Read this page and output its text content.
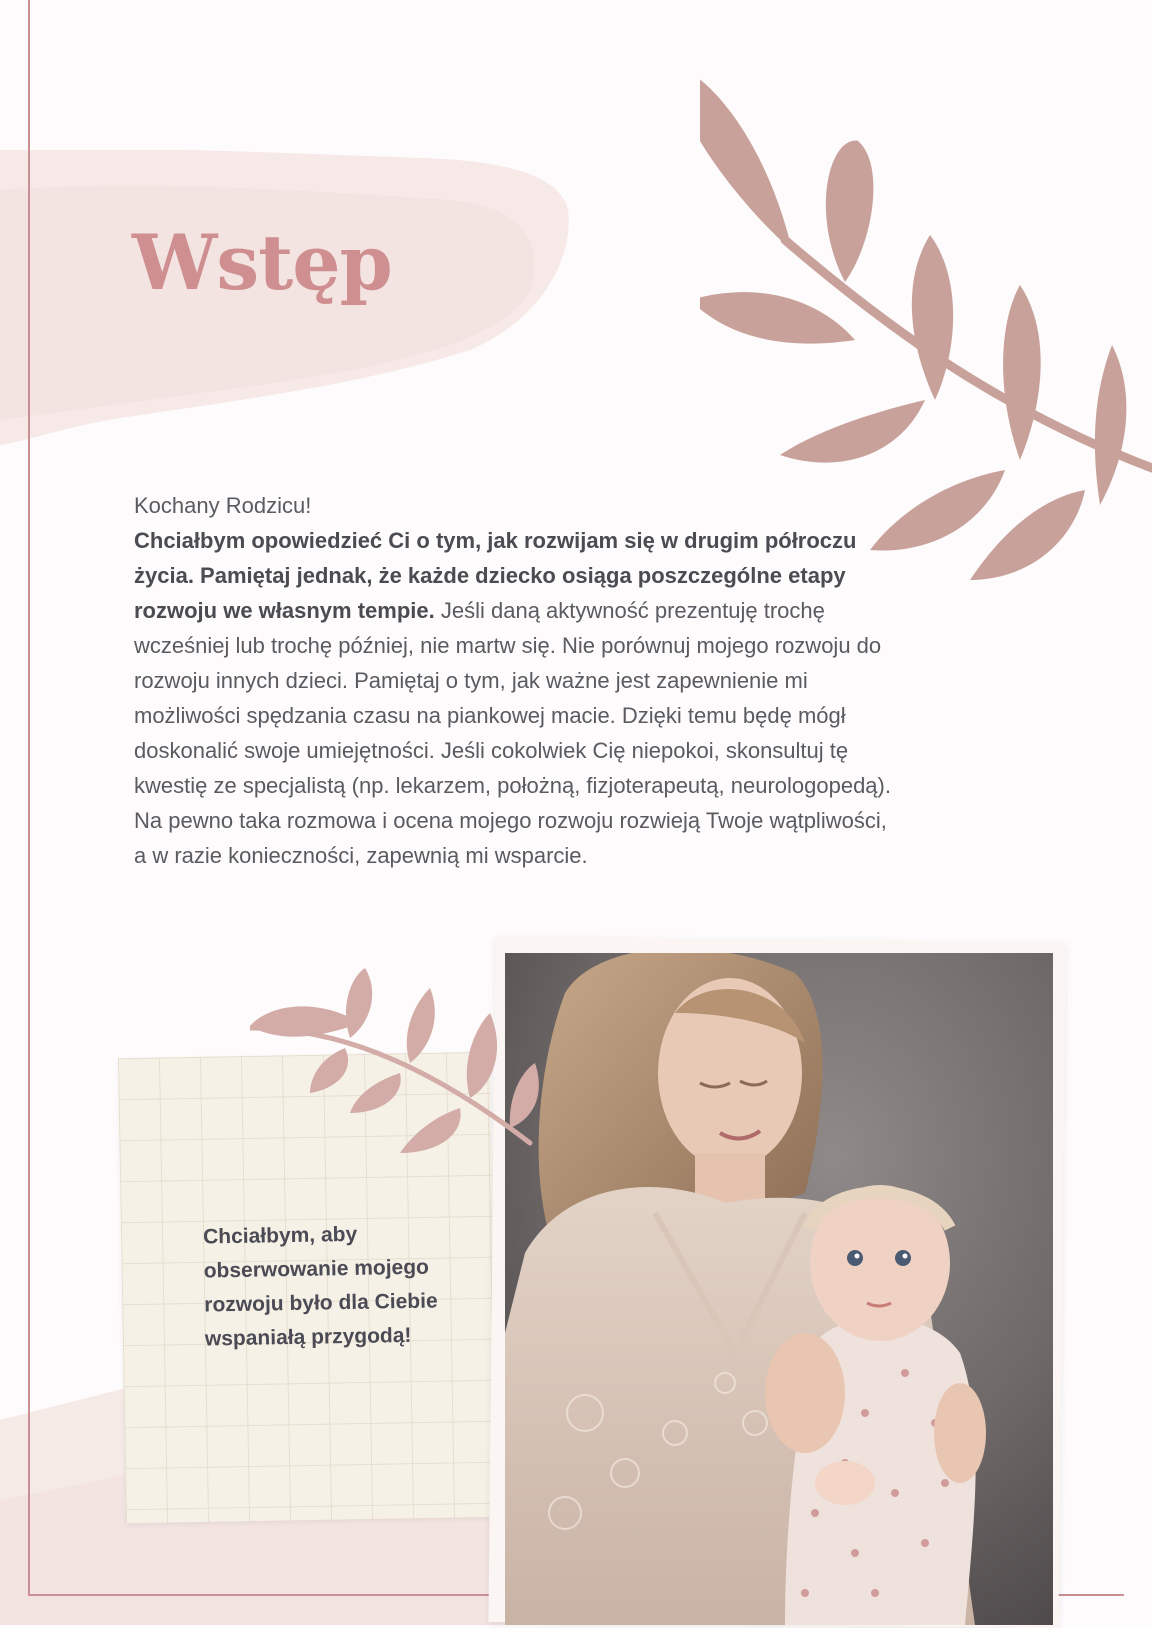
Wstęp
Kochany Rodzicu!
Chciałbym opowiedzieć Ci o tym, jak rozwijam się w drugim półroczu życia. Pamiętaj jednak, że każde dziecko osiąga poszczególne etapy rozwoju we własnym tempie. Jeśli daną aktywność prezentuję trochę wcześniej lub trochę później, nie martw się. Nie porównuj mojego rozwoju do rozwoju innych dzieci. Pamiętaj o tym, jak ważne jest zapewnienie mi możliwości spędzania czasu na piankowej macie. Dzięki temu będę mógł doskonalić swoje umiejętności. Jeśli cokolwiek Cię niepokoi, skonsultuj tę kwestię ze specjalistą (np. lekarzem, położną, fizjoterapeutą, neurologopedą). Na pewno taka rozmowa i ocena mojego rozwoju rozwieją Twoje wątpliwości, a w razie konieczności, zapewnią mi wsparcie.

Chciałbym, aby obserwowanie mojego rozwoju było dla Ciebie wspaniałą przygodą!
